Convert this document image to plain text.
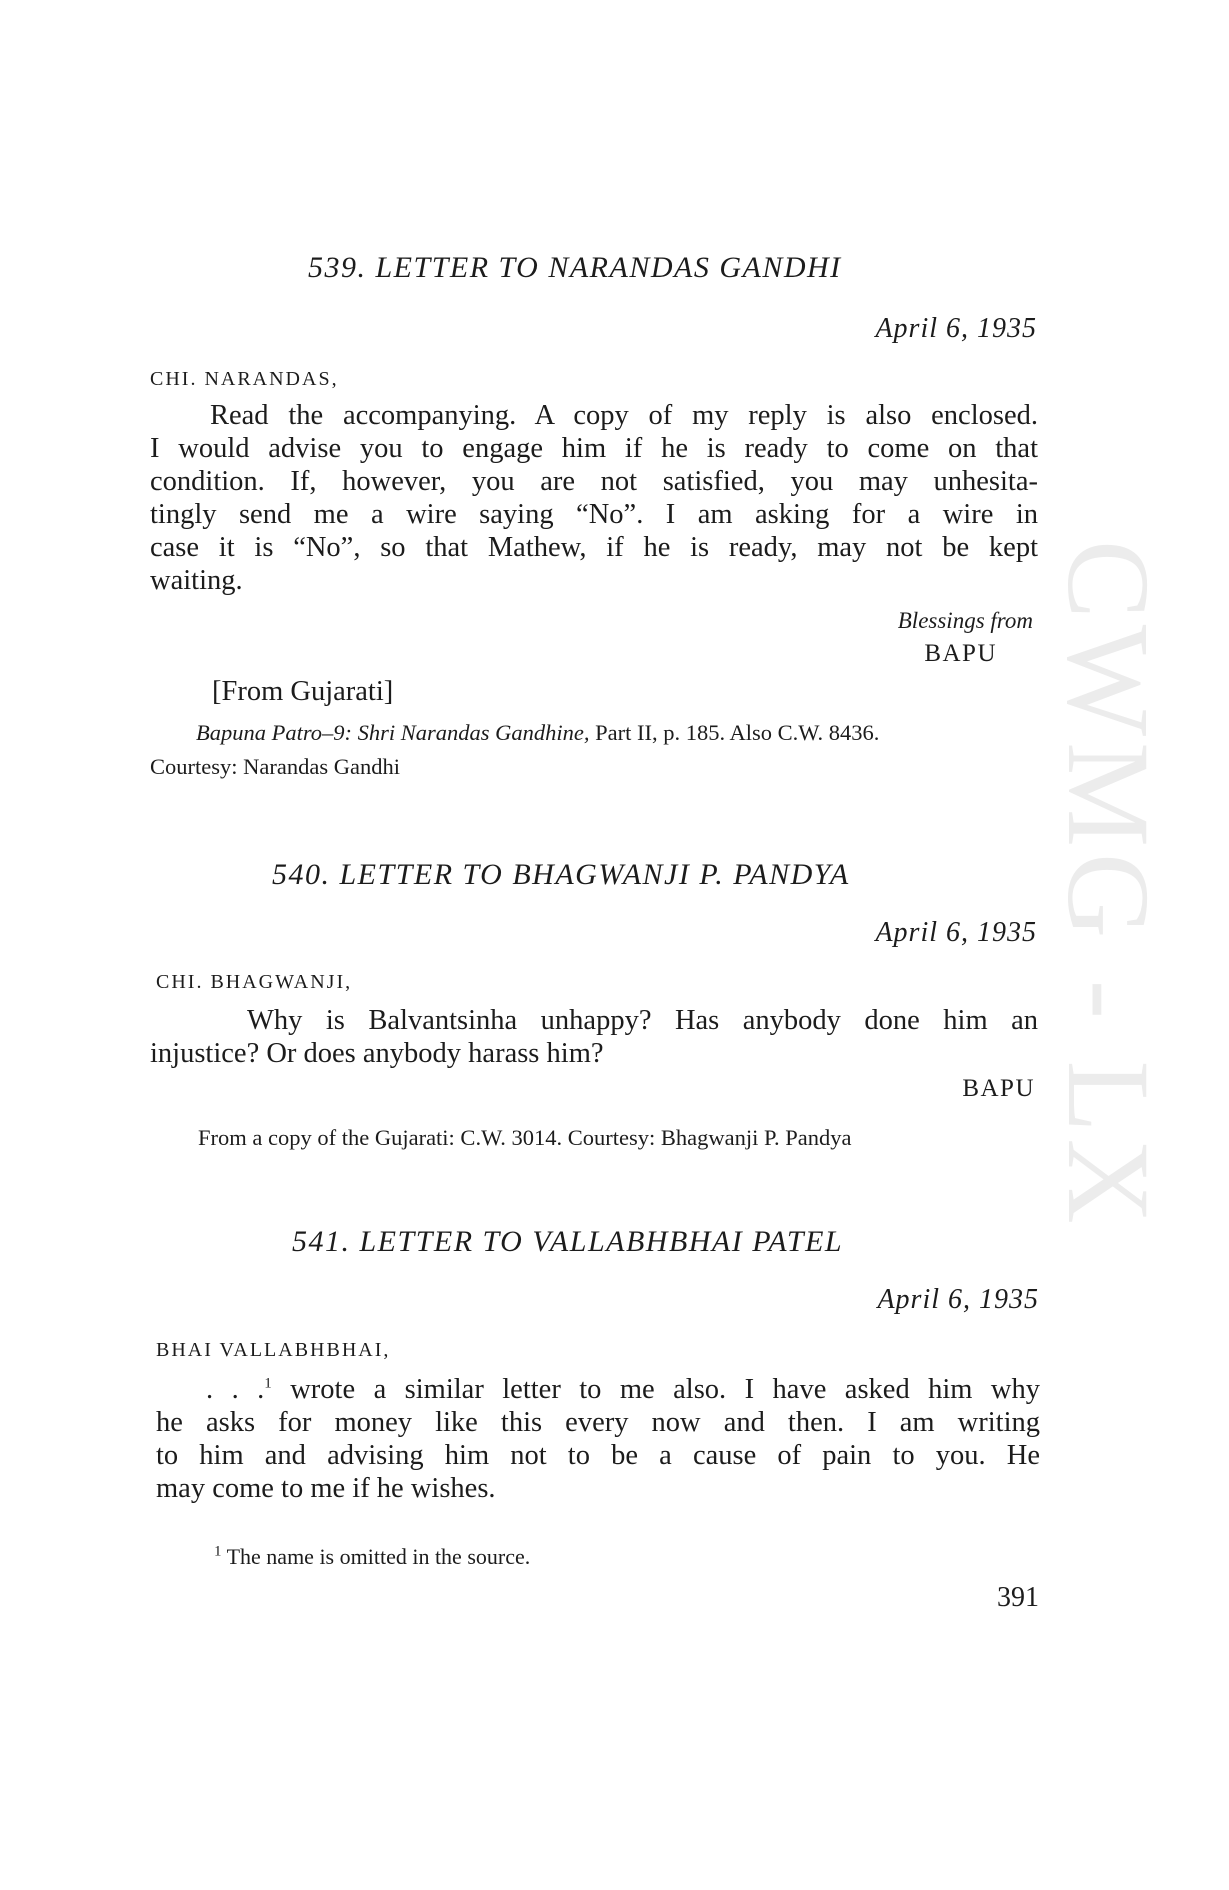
CWMG - LX
539. LETTER TO NARANDAS GANDHI
April 6, 1935
CHI. NARANDAS,
Read the accompanying. A copy of my reply is also enclosed.
I would advise you to engage him if he is ready to come on that
condition. If, however, you are not satisfied, you may unhesita-
tingly send me a wire saying “No”. I am asking for a wire in
case it is “No”, so that Mathew, if he is ready, may not be kept
waiting.
Blessings from
BAPU
[From Gujarati]
Bapuna Patro–9: Shri Narandas Gandhine, Part II, p. 185. Also C.W. 8436.
Courtesy: Narandas Gandhi
540. LETTER TO BHAGWANJI P. PANDYA
April 6, 1935
CHI. BHAGWANJI,
Why is Balvantsinha unhappy? Has anybody done him an
injustice? Or does anybody harass him?
BAPU
From a copy of the Gujarati: C.W. 3014. Courtesy: Bhagwanji P. Pandya
541. LETTER TO VALLABHBHAI PATEL
April 6, 1935
BHAI VALLABHBHAI,
. . .$^1$ wrote a similar letter to me also. I have asked him why
he asks for money like this every now and then. I am writing
to him and advising him not to be a cause of pain to you. He
may come to me if he wishes.
$^1$ The name is omitted in the source.
391
